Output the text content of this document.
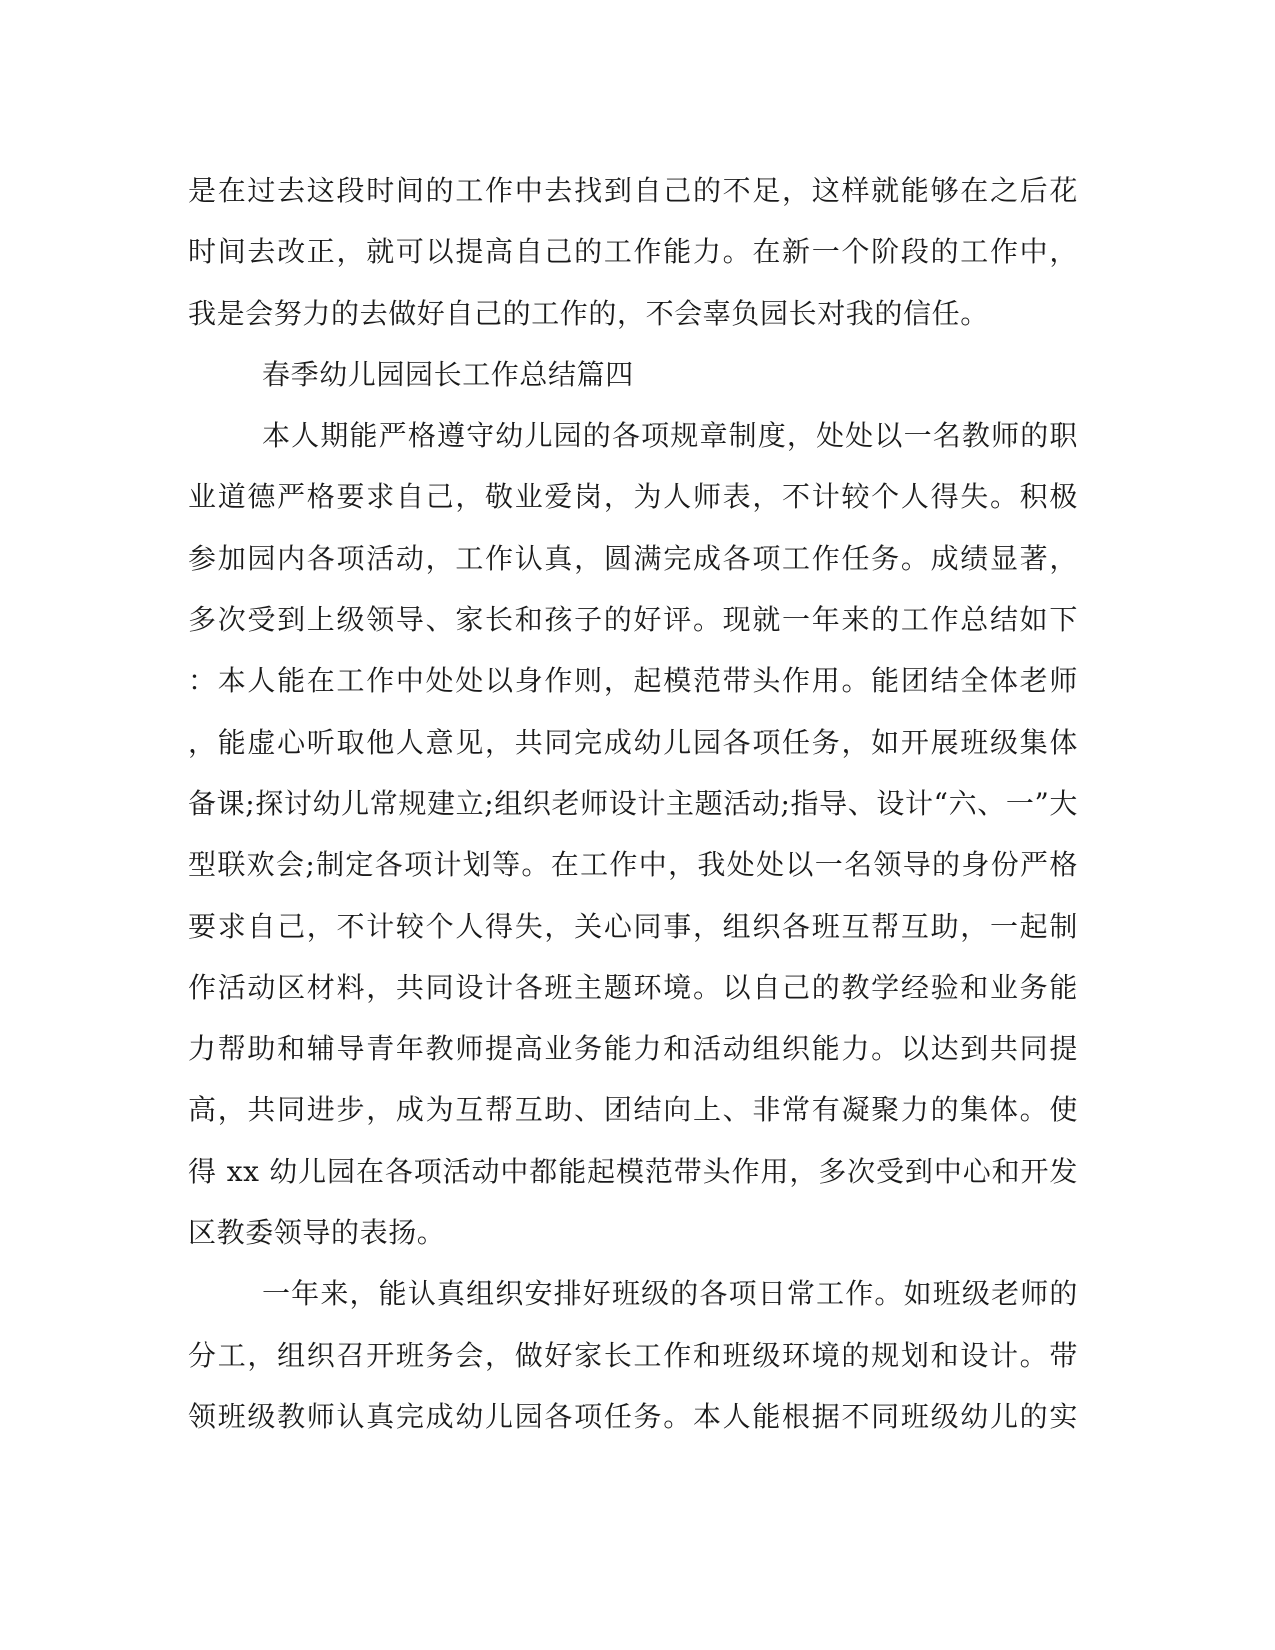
是在过去这段时间的工作中去找到自己的不足，这样就能够在之后花
时间去改正，就可以提高自己的工作能力。在新一个阶段的工作中，
我是会努力的去做好自己的工作的，不会辜负园长对我的信任。
春季幼儿园园长工作总结篇四
本人期能严格遵守幼儿园的各项规章制度，处处以一名教师的职
业道德严格要求自己，敬业爱岗，为人师表，不计较个人得失。积极
参加园内各项活动，工作认真，圆满完成各项工作任务。成绩显著，
多次受到上级领导、家长和孩子的好评。现就一年来的工作总结如下
：本人能在工作中处处以身作则，起模范带头作用。能团结全体老师
，能虚心听取他人意见，共同完成幼儿园各项任务，如开展班级集体
备课;探讨幼儿常规建立;组织老师设计主题活动;指导、设计“六、一”大
型联欢会;制定各项计划等。在工作中，我处处以一名领导的身份严格
要求自己，不计较个人得失，关心同事，组织各班互帮互助，一起制
作活动区材料，共同设计各班主题环境。以自己的教学经验和业务能
力帮助和辅导青年教师提高业务能力和活动组织能力。以达到共同提
高，共同进步，成为互帮互助、团结向上、非常有凝聚力的集体。使
得 xx 幼儿园在各项活动中都能起模范带头作用，多次受到中心和开发
区教委领导的表扬。
一年来，能认真组织安排好班级的各项日常工作。如班级老师的
分工，组织召开班务会，做好家长工作和班级环境的规划和设计。带
领班级教师认真完成幼儿园各项任务。本人能根据不同班级幼儿的实
